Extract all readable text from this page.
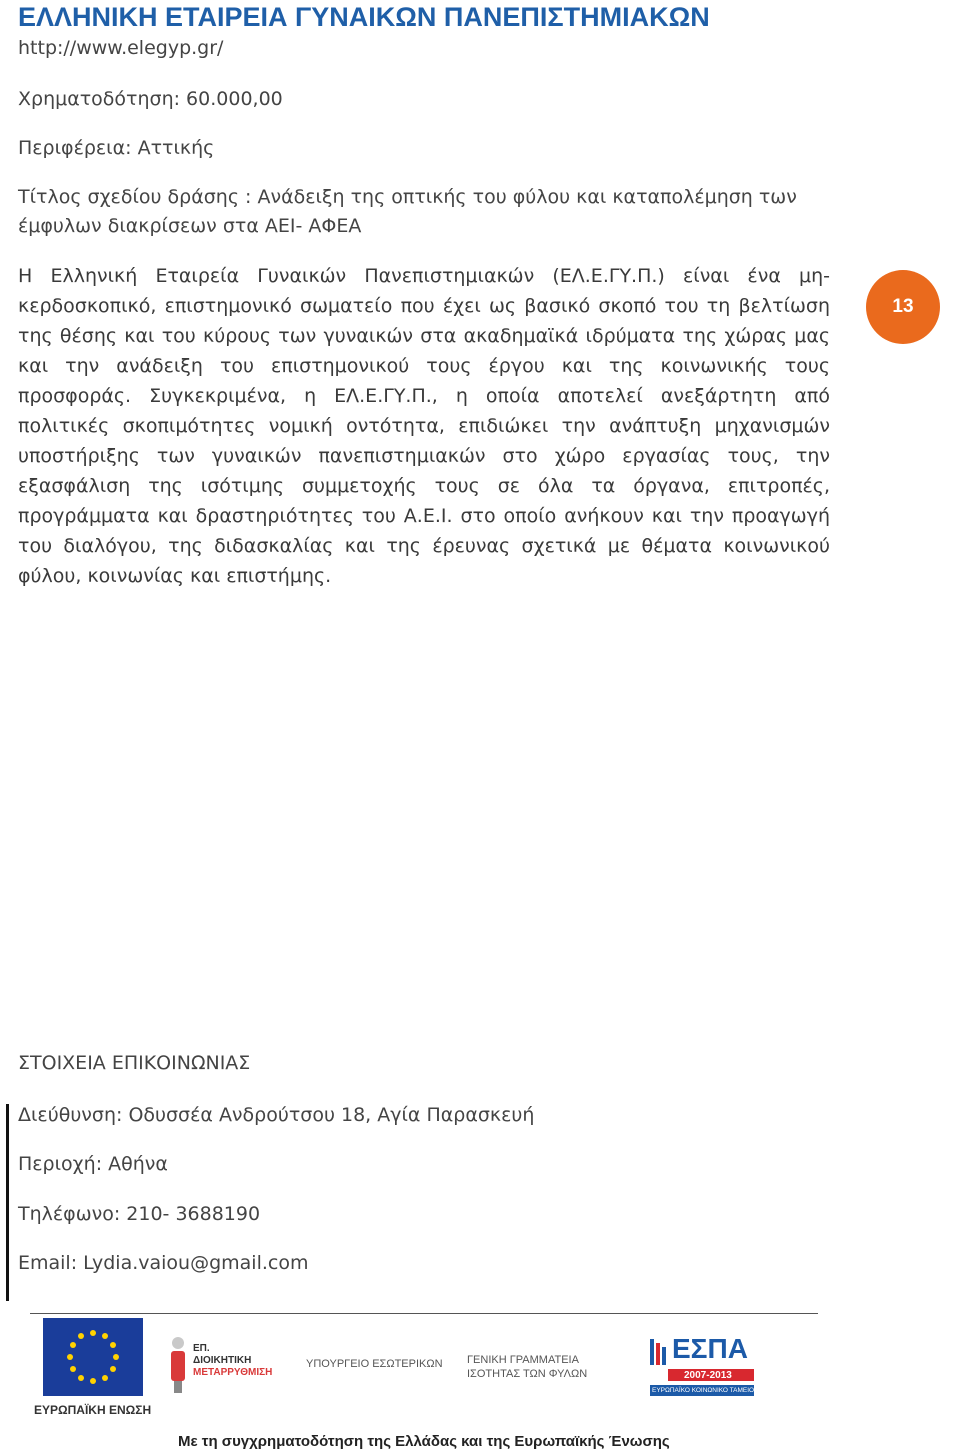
ΕΛΛΗΝΙΚΗ ΕΤΑΙΡΕΙΑ ΓΥΝΑΙΚΩΝ ΠΑΝΕΠΙΣΤΗΜΙΑΚΩΝ
http://www.elegyp.gr/
Χρηματοδότηση: 60.000,00
Περιφέρεια: Αττικής
Τίτλος σχεδίου δράσης : Ανάδειξη της οπτικής του φύλου και καταπολέμηση των έμφυλων διακρίσεων στα ΑΕΙ- ΑΦΕΑ

Η Ελληνική Εταιρεία Γυναικών Πανεπιστημιακών (ΕΛ.Ε.ΓΥ.Π.) είναι ένα μη-κερδοσκοπικό, επιστημονικό σωματείο που έχει ως βασικό σκοπό του τη βελτίωση της θέσης και του κύρους των γυναικών στα ακαδημαϊκά ιδρύματα της χώρας μας και την ανάδειξη του επιστημονικού τους έργου και της κοινωνικής τους προσφοράς. Συγκεκριμένα, η ΕΛ.Ε.ΓΥ.Π., η οποία αποτελεί ανεξάρτητη από πολιτικές σκοπιμότητες νομική οντότητα, επιδιώκει την ανάπτυξη μηχανισμών υποστήριξης των γυναικών πανεπιστημιακών στο χώρο εργασίας τους, την εξασφάλιση της ισότιμης συμμετοχής τους σε όλα τα όργανα, επιτροπές, προγράμματα και δραστηριότητες του Α.Ε.Ι. στο οποίο ανήκουν και την προαγωγή του διαλόγου, της διδασκαλίας και της έρευνας σχετικά με θέματα κοινωνικού φύλου, κοινωνίας και επιστήμης.

13
ΣΤΟΙΧΕΙΑ ΕΠΙΚΟΙΝΩΝΙΑΣ
Διεύθυνση: Οδυσσέα Ανδρούτσου 18, Αγία Παρασκευή
Περιοχή: Αθήνα
Τηλέφωνο: 210- 3688190
Email: Lydia.vaiou@gmail.com
ΕΥΡΩΠΑΪΚΗ ΕΝΩΣΗ
ΕΠ.
ΔΙΟΙΚΗΤΙΚΗ
ΜΕΤΑΡΡΥΘΜΙΣΗ
ΥΠΟΥΡΓΕΙΟ ΕΣΩΤΕΡΙΚΩΝ ΓΕΝΙΚΗ ΓΡΑΜΜΑΤΕΙΑ
ΙΣΟΤΗΤΑΣ ΤΩΝ ΦΥΛΩΝ
ΕΣΠΑ
2007-2013
ΕΥΡΩΠΑΪΚΟ ΚΟΙΝΩΝΙΚΟ ΤΑΜΕΙΟ
Με τη συγχρηματοδότηση της Ελλάδας και της Ευρωπαϊκής Ένωσης
